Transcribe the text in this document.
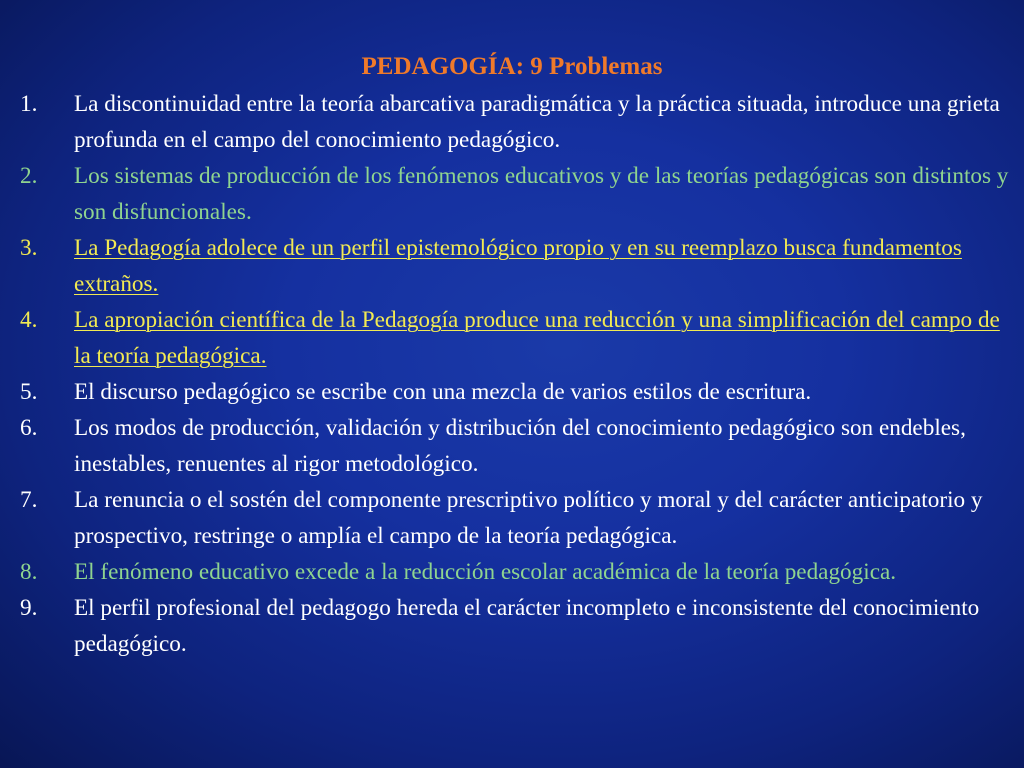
PEDAGOGÍA: 9 Problemas
1.	La discontinuidad entre la teoría abarcativa paradigmática y la práctica situada, introduce una grieta profunda en el campo del conocimiento pedagógico.
2.	Los sistemas de producción de los fenómenos educativos y de las teorías pedagógicas son distintos y son disfuncionales.
3.	La Pedagogía adolece de un perfil epistemológico propio y en su reemplazo busca fundamentos extraños.
4.	La apropiación científica de la Pedagogía produce una reducción y una simplificación del campo de la teoría pedagógica.
5.	El discurso pedagógico se escribe con una mezcla de varios estilos de escritura.
6.	Los modos de producción, validación y distribución del conocimiento pedagógico son endebles, inestables, renuentes al rigor metodológico.
7.	La renuncia o el sostén del componente prescriptivo político y moral y del carácter anticipatorio y prospectivo, restringe o amplía el campo de la teoría pedagógica.
8.	El fenómeno educativo excede a la reducción escolar académica de la teoría pedagógica.
9.	El perfil profesional del pedagogo hereda el carácter incompleto e inconsistente del conocimiento pedagógico.
